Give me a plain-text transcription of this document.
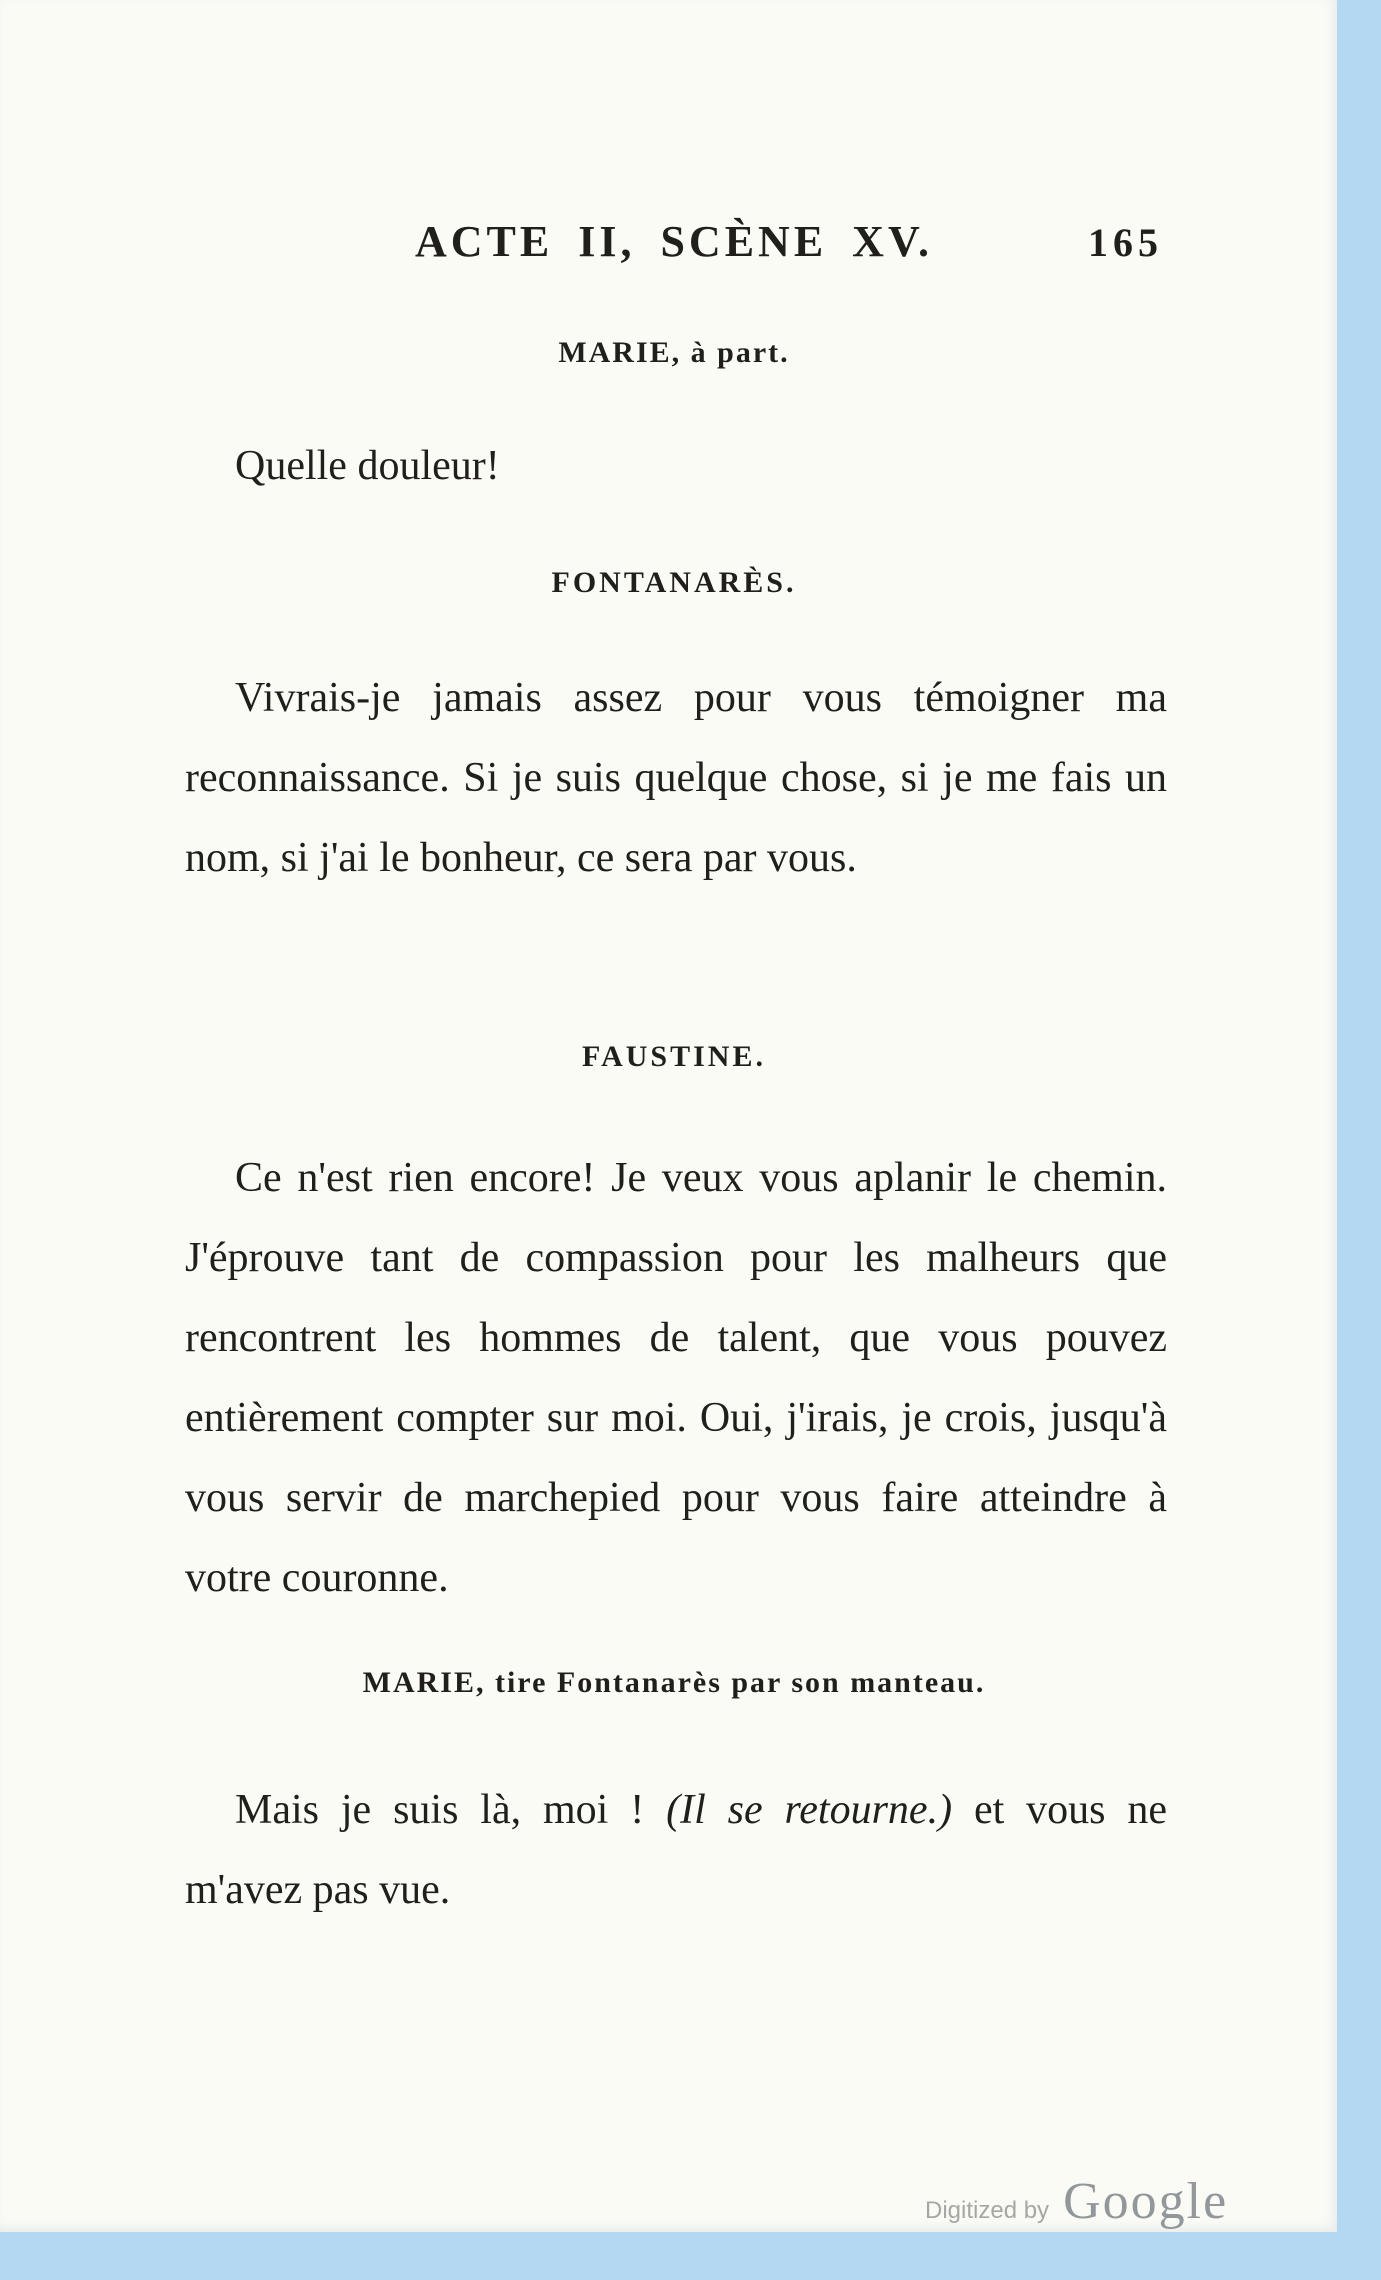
ACTE II, SCÈNE XV.	165
MARIE, à part.
Quelle douleur!
FONTANARÈS.
Vivrais-je jamais assez pour vous témoigner ma reconnaissance. Si je suis quelque chose, si je me fais un nom, si j'ai le bonheur, ce sera par vous.
FAUSTINE.
Ce n'est rien encore! Je veux vous aplanir le chemin. J'éprouve tant de compassion pour les malheurs que rencontrent les hommes de talent, que vous pouvez entièrement compter sur moi. Oui, j'irais, je crois, jusqu'à vous servir de marchepied pour vous faire atteindre à votre couronne.
MARIE, tire Fontanarès par son manteau.
Mais je suis là, moi ! (Il se retourne.) et vous ne m'avez pas vue.
Digitized by Google
